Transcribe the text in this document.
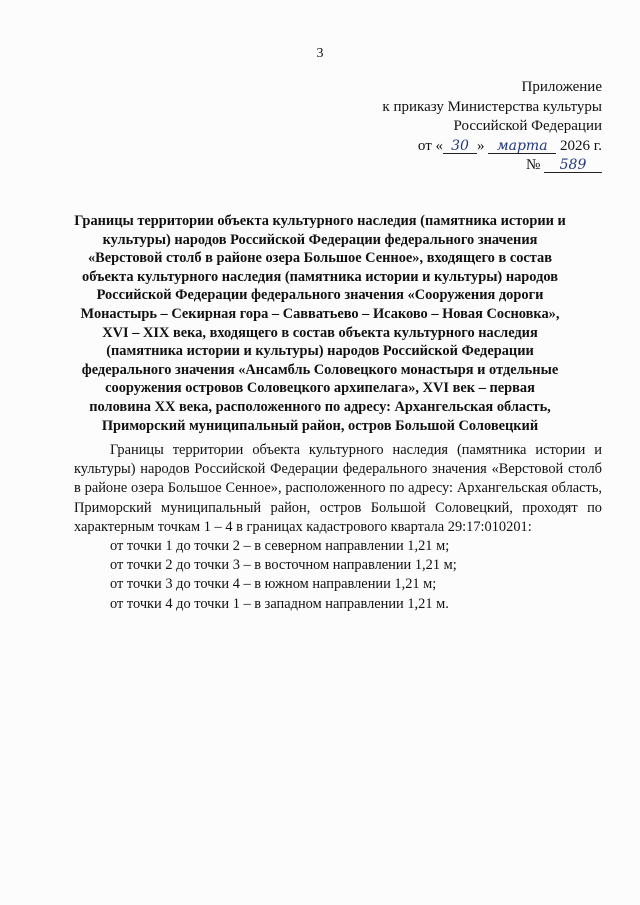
3
Приложение
к приказу Министерства культуры
Российской Федерации
от « 30 » марта 2026 г.
№ 589
Границы территории объекта культурного наследия (памятника истории и культуры) народов Российской Федерации федерального значения «Верстовой столб в районе озера Большое Сенное», входящего в состав объекта культурного наследия (памятника истории и культуры) народов Российской Федерации федерального значения «Сооружения дороги Монастырь – Секирная гора – Савватьево – Исаково – Новая Сосновка», XVI – XIX века, входящего в состав объекта культурного наследия (памятника истории и культуры) народов Российской Федерации федерального значения «Ансамбль Соловецкого монастыря и отдельные сооружения островов Соловецкого архипелага», XVI век – первая половина XX века, расположенного по адресу: Архангельская область, Приморский муниципальный район, остров Большой Соловецкий

Границы территории объекта культурного наследия (памятника истории и культуры) народов Российской Федерации федерального значения «Верстовой столб в районе озера Большое Сенное», расположенного по адресу: Архангельская область, Приморский муниципальный район, остров Большой Соловецкий, проходят по характерным точкам 1 – 4 в границах кадастрового квартала 29:17:010201:

от точки 1 до точки 2 – в северном направлении 1,21 м;
от точки 2 до точки 3 – в восточном направлении 1,21 м;
от точки 3 до точки 4 – в южном направлении 1,21 м;
от точки 4 до точки 1 – в западном направлении 1,21 м.
